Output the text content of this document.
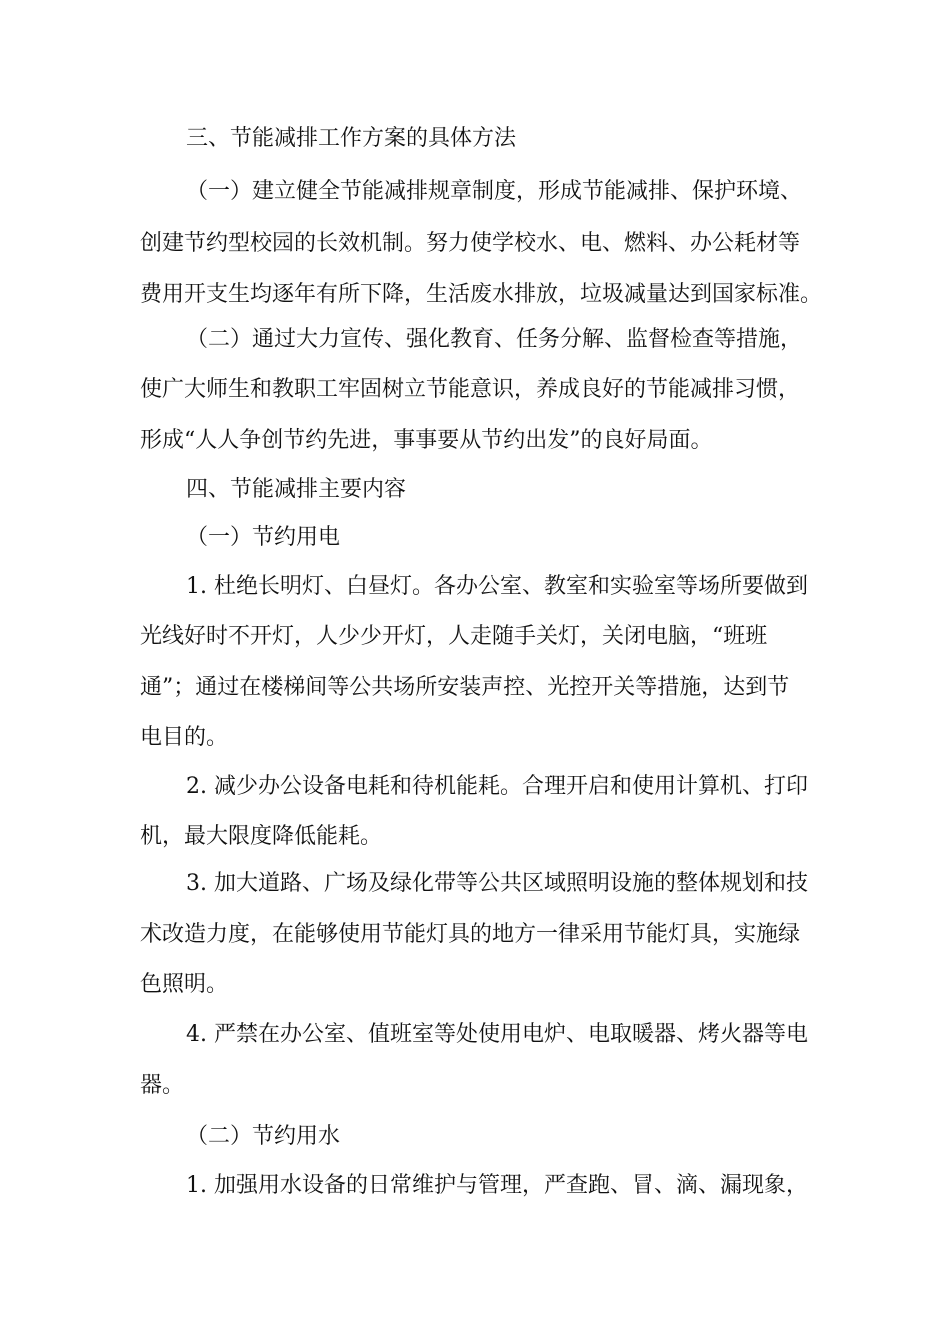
三、节能减排工作方案的具体方法
（一）建立健全节能减排规章制度，形成节能减排、保护环境、
创建节约型校园的长效机制。努力使学校水、电、燃料、办公耗材等
费用开支生均逐年有所下降，生活废水排放，垃圾减量达到国家标准。
（二）通过大力宣传、强化教育、任务分解、监督检查等措施，
使广大师生和教职工牢固树立节能意识，养成良好的节能减排习惯，
形成“人人争创节约先进，事事要从节约出发”的良好局面。
四、节能减排主要内容
（一）节约用电
1. 杜绝长明灯、白昼灯。各办公室、教室和实验室等场所要做到
光线好时不开灯，人少少开灯，人走随手关灯，关闭电脑，“班班
通”；通过在楼梯间等公共场所安装声控、光控开关等措施，达到节
电目的。
2. 减少办公设备电耗和待机能耗。合理开启和使用计算机、打印
机，最大限度降低能耗。
3. 加大道路、广场及绿化带等公共区域照明设施的整体规划和技
术改造力度，在能够使用节能灯具的地方一律采用节能灯具，实施绿
色照明。
4. 严禁在办公室、值班室等处使用电炉、电取暖器、烤火器等电
器。
（二）节约用水
1. 加强用水设备的日常维护与管理，严查跑、冒、滴、漏现象，
